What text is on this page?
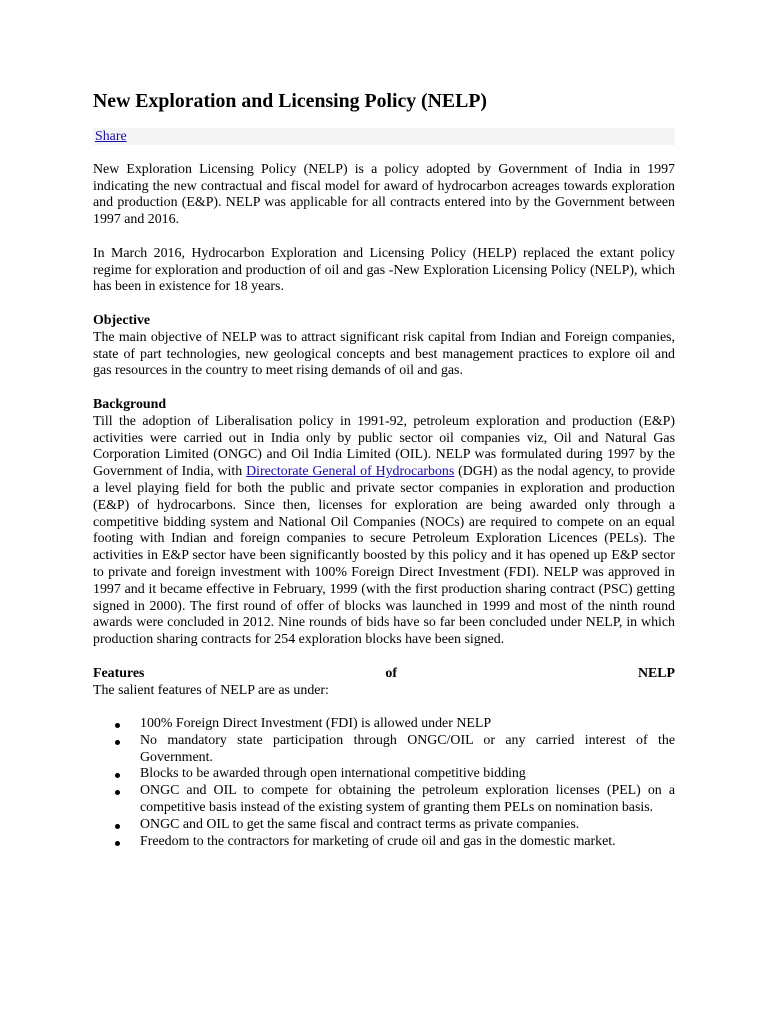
New Exploration and Licensing Policy (NELP)
Share

New Exploration Licensing Policy (NELP) is a policy adopted by Government of India in 1997 indicating the new contractual and fiscal model for award of hydrocarbon acreages towards exploration and production (E&P). NELP was applicable for all contracts entered into by the Government between 1997 and 2016.

In March 2016, Hydrocarbon Exploration and Licensing Policy (HELP) replaced the extant policy regime for exploration and production of oil and gas -New Exploration Licensing Policy (NELP), which has been in existence for 18 years.

Objective

The main objective of NELP was to attract significant risk capital from Indian and Foreign companies, state of part technologies, new geological concepts and best management practices to explore oil and gas resources in the country to meet rising demands of oil and gas.

Background

Till the adoption of Liberalisation policy in 1991-92, petroleum exploration and production (E&P) activities were carried out in India only by public sector oil companies viz, Oil and Natural Gas Corporation Limited (ONGC) and Oil India Limited (OIL). NELP was formulated during 1997 by the Government of India, with Directorate General of Hydrocarbons (DGH) as the nodal agency, to provide a level playing field for both the public and private sector companies in exploration and production (E&P) of hydrocarbons. Since then, licenses for exploration are being awarded only through a competitive bidding system and National Oil Companies (NOCs) are required to compete on an equal footing with Indian and foreign companies to secure Petroleum Exploration Licences (PELs). The activities in E&P sector have been significantly boosted by this policy and it has opened up E&P sector to private and foreign investment with 100% Foreign Direct Investment (FDI). NELP was approved in 1997 and it became effective in February, 1999 (with the first production sharing contract (PSC) getting signed in 2000). The first round of offer of blocks was launched in 1999 and most of the ninth round awards were concluded in 2012. Nine rounds of bids have so far been concluded under NELP, in which production sharing contracts for 254 exploration blocks have been signed.

Features	of	NELP

The salient features of NELP are as under:

100% Foreign Direct Investment (FDI) is allowed under NELP
No mandatory state participation through ONGC/OIL or any carried interest of the Government.
Blocks to be awarded through open international competitive bidding
ONGC and OIL to compete for obtaining the petroleum exploration licenses (PEL) on a competitive basis instead of the existing system of granting them PELs on nomination basis.
ONGC and OIL to get the same fiscal and contract terms as private companies.
Freedom to the contractors for marketing of crude oil and gas in the domestic market.
